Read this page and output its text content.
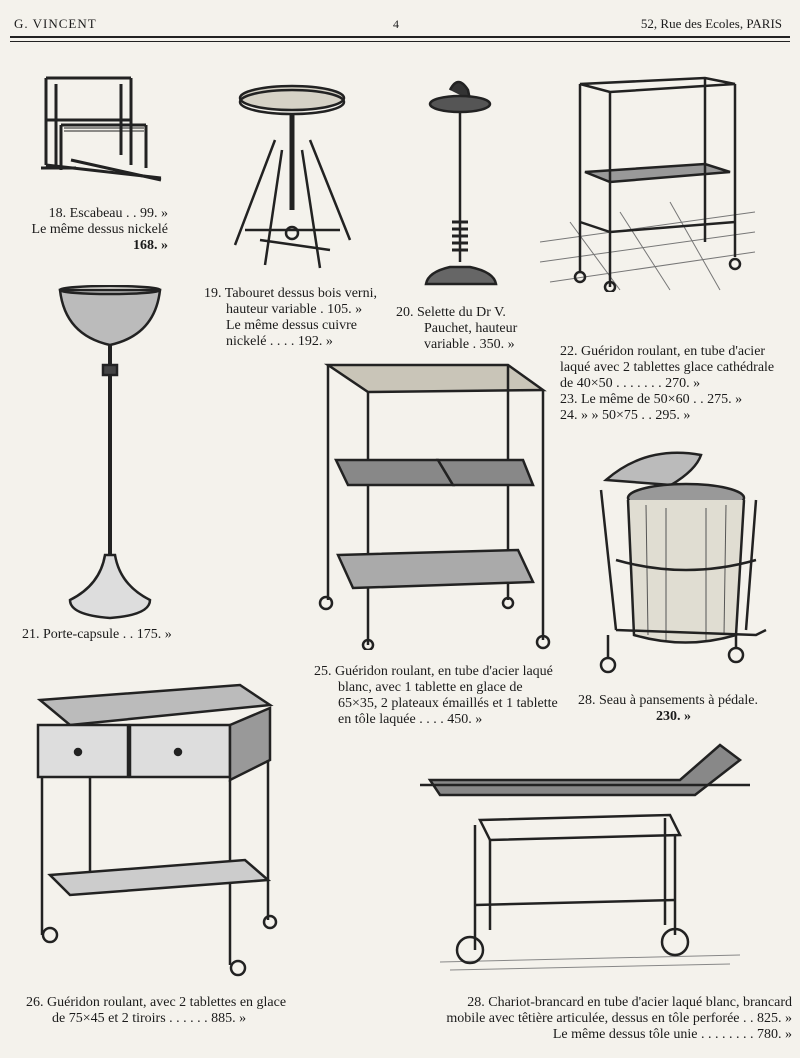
G. VINCENT	4	52, Rue des Ecoles, PARIS
18. Escabeau . . 99. » Le même dessus nickelé 168. »
19. Tabouret dessus bois verni, hauteur variable . 105. » Le même dessus cuivre nickelé . . . . 192. »
20. Selette du Dr V. Pauchet, hauteur variable . 350. »	22. Guéridon roulant, en tube d'acier laqué avec 2 tablettes glace cathédrale de 40×50 . . . . . . . 270. » 23. Le même de 50×60 . . 275. » 24. » » 50×75 . . 295. »
21. Porte-capsule . . 175. »
25. Guéridon roulant, en tube d'acier laqué blanc, avec 1 tablette en glace de 65×35, 2 plateaux émaillés et 1 tablette en tôle laquée . . . . 450. »
28. Seau à pansements à pédale. 230. »
26. Guéridon roulant, avec 2 tablettes en glace de 75×45 et 2 tiroirs . . . . . . 885. »
28. Chariot-brancard en tube d'acier laqué blanc, brancard mobile avec têtière articulée, dessus en tôle perforée . . 825. » Le même dessus tôle unie . . . . . . . . 780. »
